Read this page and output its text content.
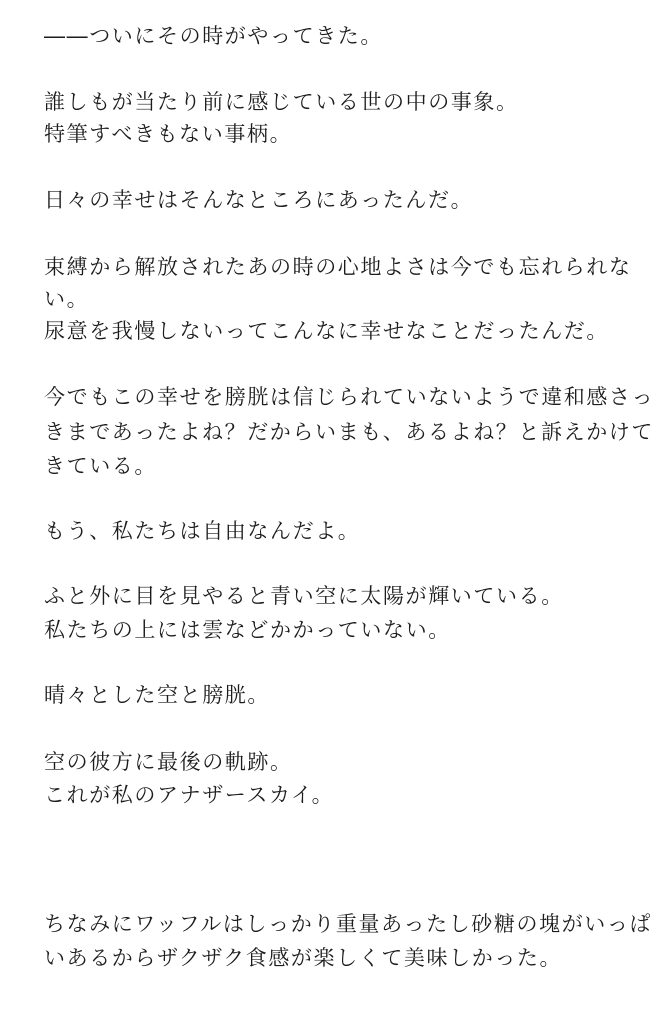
――ついにその時がやってきた。
誰しもが当たり前に感じている世の中の事象。
特筆すべきもない事柄。
日々の幸せはそんなところにあったんだ。
束縛から解放されたあの時の心地よさは今でも忘れられな
い。
尿意を我慢しないってこんなに幸せなことだったんだ。
今でもこの幸せを膀胱は信じられていないようで違和感さっ
きまであったよね？だからいまも、あるよね？と訴えかけて
きている。
もう、私たちは自由なんだよ。
ふと外に目を見やると青い空に太陽が輝いている。
私たちの上には雲などかかっていない。
晴々とした空と膀胱。
空の彼方に最後の軌跡。
これが私のアナザースカイ。
ちなみにワッフルはしっかり重量あったし砂糖の塊がいっぱ
いあるからザクザク食感が楽しくて美味しかった。
